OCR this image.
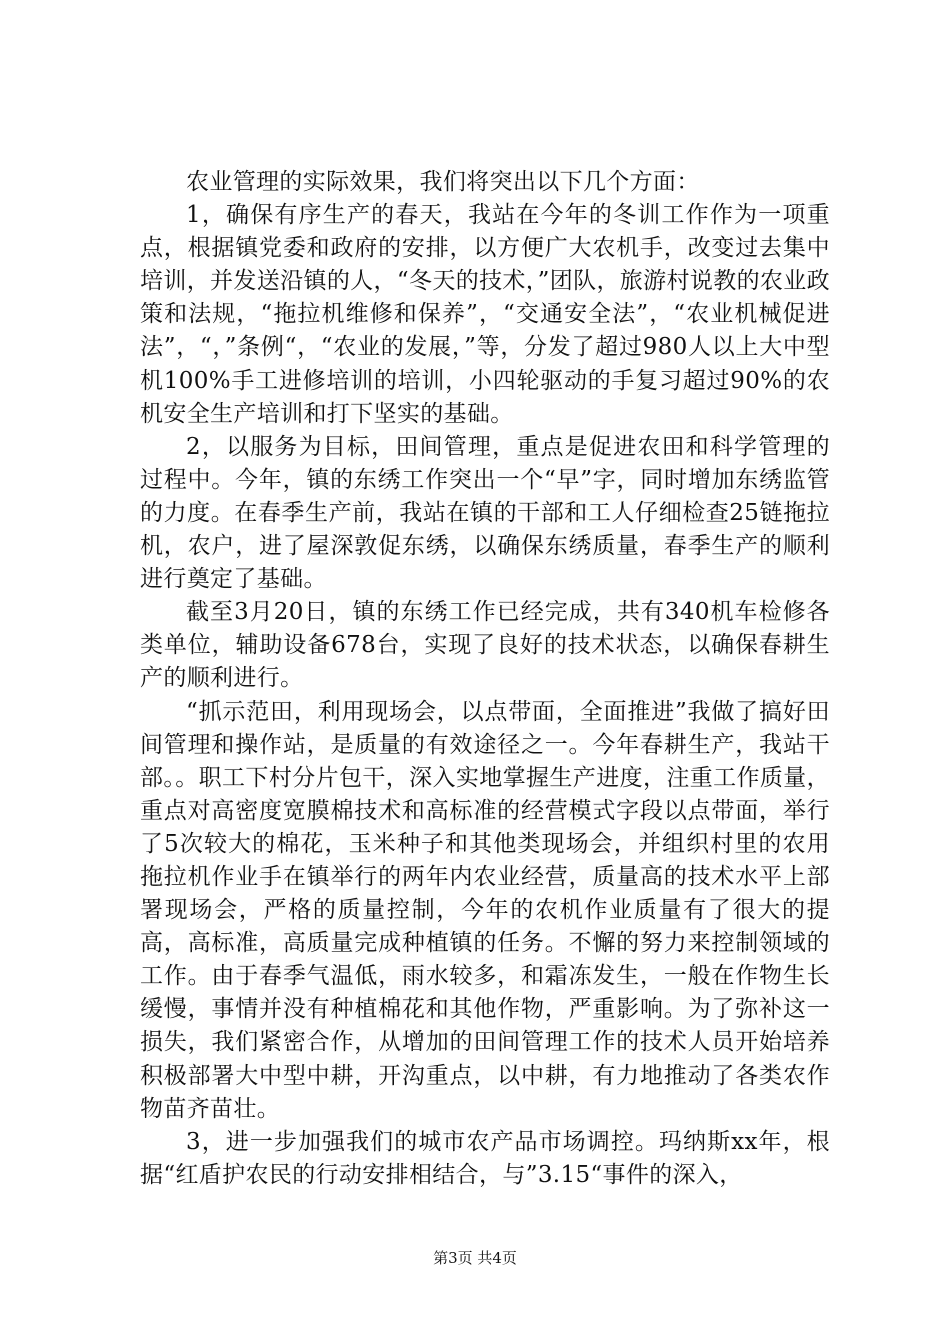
农业管理的实际效果，我们将突出以下几个方面：

1，确保有序生产的春天，我站在今年的冬训工作作为一项重点，根据镇党委和政府的安排，以方便广大农机手，改变过去集中培训，并发送沿镇的人，“冬天的技术，”团队，旅游村说教的农业政策和法规，“拖拉机维修和保养”，“交通安全法”，“农业机械促进法”，“，”条例“，“农业的发展，”等，分发了超过980人以上大中型机100%手工进修培训的培训，小四轮驱动的手复习超过90%的农机安全生产培训和打下坚实的基础。

2，以服务为目标，田间管理，重点是促进农田和科学管理的过程中。今年，镇的东绣工作突出一个“早”字，同时增加东绣监管的力度。在春季生产前，我站在镇的干部和工人仔细检查25链拖拉机，农户，进了屋深敦促东绣，以确保东绣质量，春季生产的顺利进行奠定了基础。

截至3月20日，镇的东绣工作已经完成，共有340机车检修各类单位，辅助设备678台，实现了良好的技术状态，以确保春耕生产的顺利进行。

“抓示范田，利用现场会，以点带面，全面推进”我做了搞好田间管理和操作站，是质量的有效途径之一。今年春耕生产，我站干部。。职工下村分片包干，深入实地掌握生产进度，注重工作质量，重点对高密度宽膜棉技术和高标准的经营模式字段以点带面，举行了5次较大的棉花，玉米种子和其他类现场会，并组织村里的农用拖拉机作业手在镇举行的两年内农业经营，质量高的技术水平上部署现场会，严格的质量控制，今年的农机作业质量有了很大的提高，高标准，高质量完成种植镇的任务。不懈的努力来控制领域的工作。由于春季气温低，雨水较多，和霜冻发生，一般在作物生长缓慢，事情并没有种植棉花和其他作物，严重影响。为了弥补这一损失，我们紧密合作，从增加的田间管理工作的技术人员开始培养积极部署大中型中耕，开沟重点，以中耕，有力地推动了各类农作物苗齐苗壮。

3，进一步加强我们的城市农产品市场调控。玛纳斯xx年，根据“红盾护农民的行动安排相结合，与”3.15“事件的深入，

第3页 共4页
